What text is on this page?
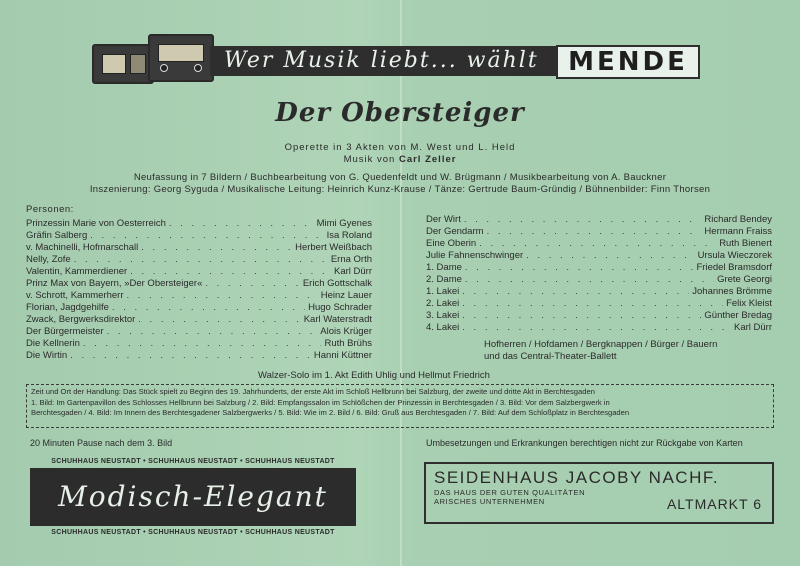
Wer Musik liebt... wählt	MENDE
Der Obersteiger
Operette in 3 Akten von M. West und L. Held
Musik von Carl Zeller
Neufassung in 7 Bildern / Buchbearbeitung von G. Quedenfeldt und W. Brügmann / Musikbearbeitung von A. Bauckner
Inszenierung: Georg Syguda / Musikalische Leitung: Heinrich Kunz-Krause / Tänze: Gertrude Baum-Gründig / Bühnenbilder: Finn Thorsen
Personen:
Prinzessin Marie von Oesterreich . . .	Mimi Gyenes
Gräfin Salberg . . .	Isa Roland
v. Machinelli, Hofmarschall . . .	Herbert Weißbach
Nelly, Zofe . . .	Erna Orth
Valentin, Kammerdiener . . .	Karl Dürr
Prinz Max von Bayern, »Der Obersteiger« . . .	Erich Gottschalk
v. Schrott, Kammerherr . . .	Heinz Lauer
Florian, Jagdgehilfe . . .	Hugo Schrader
Zwack, Bergwerksdirektor . . .	Karl Waterstradt
Der Bürgermeister . . .	Alois Krüger
Die Kellnerin . . .	Ruth Brühs
Die Wirtin . . .	Hanni Küttner
Der Wirt . . .	Richard Bendey
Der Gendarm . . .	Hermann Fraiss
Eine Oberin . . .	Ruth Bienert
Julie Fahnenschwinger . . .	Ursula Wieczorek
1. Dame . . .	Friedel Bramsdorf
2. Dame . . .	Grete Georgi
1. Lakei . . .	Johannes Brömme
2. Lakei . . .	Felix Kleist
3. Lakei . . .	Günther Bredag
4. Lakei . . .	Karl Dürr
Hofherren / Hofdamen / Bergknappen / Bürger / Bauern
und das Central-Theater-Ballett
Walzer-Solo im 1. Akt Edith Uhlig und Hellmut Friedrich
Zeit und Ort der Handlung: Das Stück spielt zu Beginn des 19. Jahrhunderts, der erste Akt im Schloß Hellbrunn bei Salzburg, der zweite und dritte Akt in Berchtesgaden
1. Bild: Im Gartenpavillon des Schlosses Hellbrunn bei Salzburg / 2. Bild: Empfangssalon im Schlößchen der Prinzessin in Berchtesgaden / 3. Bild: Vor dem Salzbergwerk in
Berchtesgaden / 4. Bild: Im Innern des Berchtesgadener Salzbergwerks / 5. Bild: Wie im 2. Bild / 6. Bild: Gruß aus Berchtesgaden / 7. Bild: Auf dem Schloßplatz in Berchtesgaden
20 Minuten Pause nach dem 3. Bild	Umbesetzungen und Erkrankungen berechtigen nicht zur Rückgabe von Karten
SCHUHHAUS NEUSTADT • SCHUHHAUS NEUSTADT • SCHUHHAUS NEUSTADT
Modisch-Elegant
SCHUHHAUS NEUSTADT • SCHUHHAUS NEUSTADT • SCHUHHAUS NEUSTADT
SEIDENHAUS JACOBY NACHF.
DAS HAUS DER GUTEN QUALITÄTEN
ARISCHES UNTERNEHMEN	ALTMARKT 6
